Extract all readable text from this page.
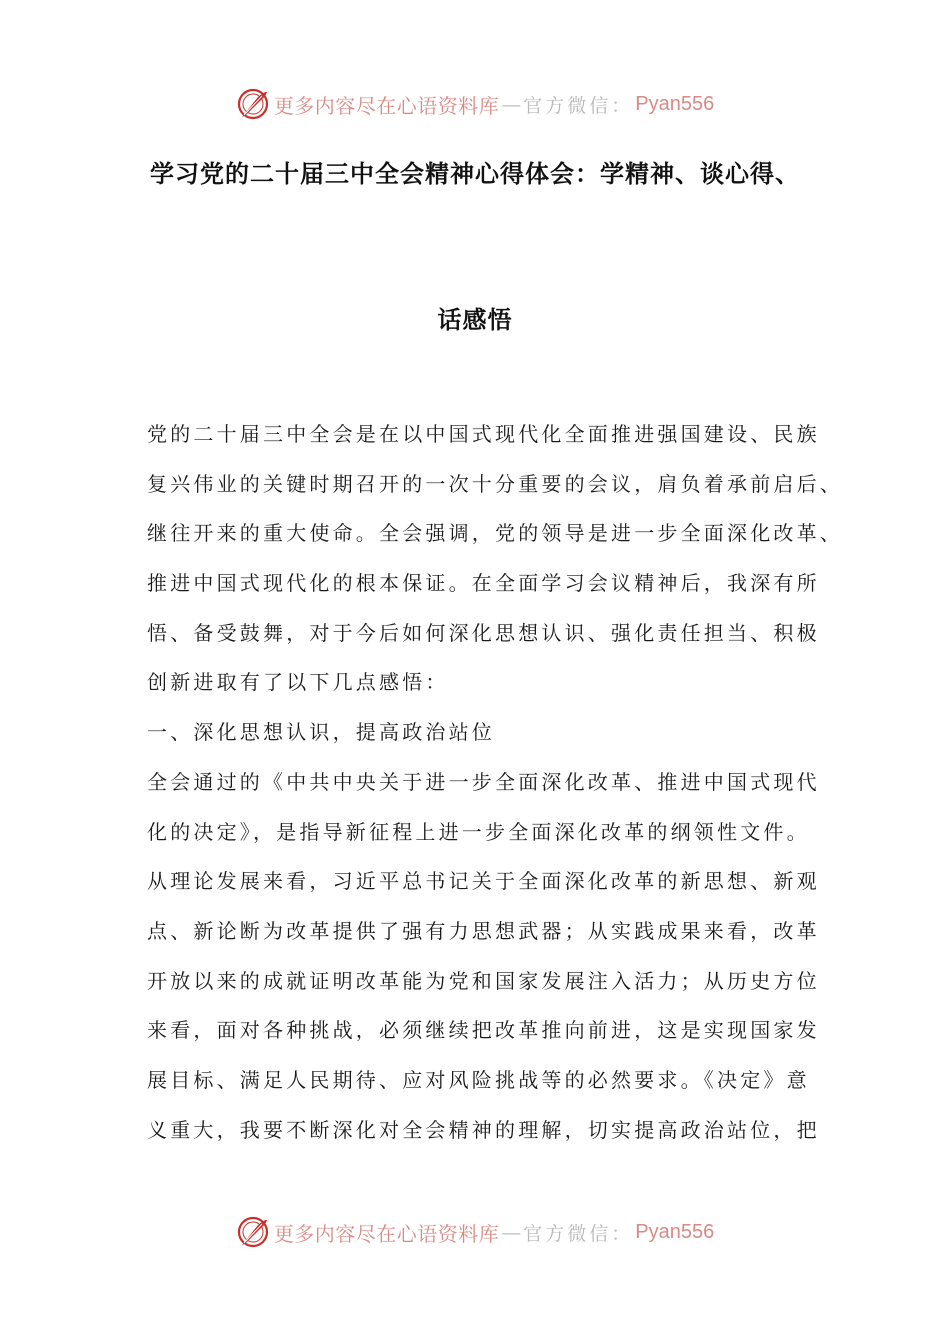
更多内容尽在心语资料库 — 官方微信： Pyan556
学习党的二十届三中全会精神心得体会：学精神、谈心得、
话感悟
党的二十届三中全会是在以中国式现代化全面推进强国建设、民族
复兴伟业的关键时期召开的一次十分重要的会议，肩负着承前启后、
继往开来的重大使命。全会强调，党的领导是进一步全面深化改革、
推进中国式现代化的根本保证。在全面学习会议精神后，我深有所
悟、备受鼓舞，对于今后如何深化思想认识、强化责任担当、积极
创新进取有了以下几点感悟：
一、深化思想认识，提高政治站位
全会通过的《中共中央关于进一步全面深化改革、推进中国式现代
化的决定》，是指导新征程上进一步全面深化改革的纲领性文件。
从理论发展来看，习近平总书记关于全面深化改革的新思想、新观
点、新论断为改革提供了强有力思想武器；从实践成果来看，改革
开放以来的成就证明改革能为党和国家发展注入活力；从历史方位
来看，面对各种挑战，必须继续把改革推向前进，这是实现国家发
展目标、满足人民期待、应对风险挑战等的必然要求。《决定》意
义重大，我要不断深化对全会精神的理解，切实提高政治站位，把
更多内容尽在心语资料库 — 官方微信： Pyan556
